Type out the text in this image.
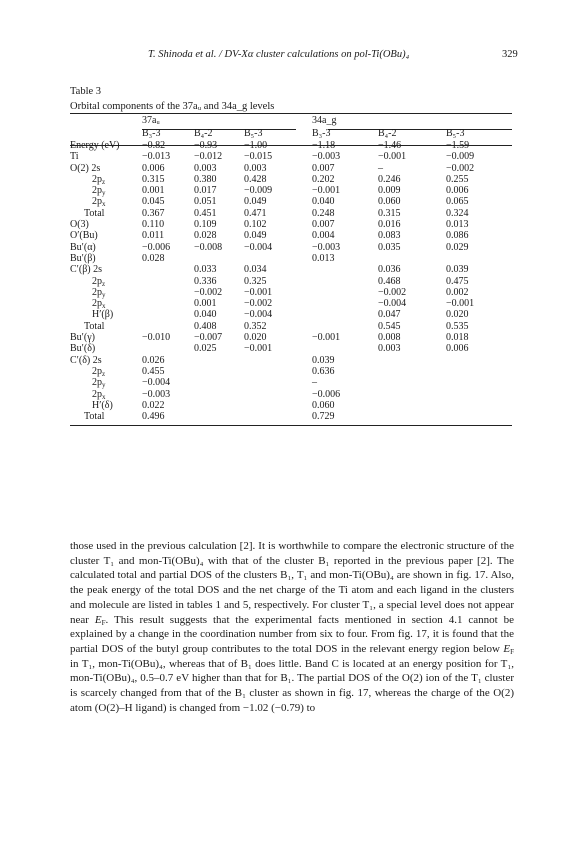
T. Shinoda et al. / DV-Xα cluster calculations on pol-Ti(OBu)₄	329
Table 3
Orbital components of the 37aᵤ and 34a_g levels
	37aᵤ			34a_g		
	B₃-3	B₄-2	B₅-3	B₃-3	B₄-2	B₅-3
Energy (eV)	−0.82	−0.93	−1.00	−1.18	−1.46	−1.59
Ti	−0.013	−0.012	−0.015	−0.003	−0.001	−0.009
O(2) 2s	0.006	0.003	0.003	0.007	–	−0.002
$2p_z$	0.315	0.380	0.428	0.202	0.246	0.255
$2p_y$	0.001	0.017	−0.009	−0.001	0.009	0.006
$2p_x$	0.045	0.051	0.049	0.040	0.060	0.065
Total	0.367	0.451	0.471	0.248	0.315	0.324
O(3)	0.110	0.109	0.102	0.007	0.016	0.013
O′(Bu)	0.011	0.028	0.049	0.004	0.083	0.086
Bu′(α)	−0.006	−0.008	−0.004	−0.003	0.035	0.029
Bu′(β)	0.028			0.013		
C′(β) 2s		0.033	0.034		0.036	0.039
$2p_z$		0.336	0.325		0.468	0.475
$2p_y$		−0.002	−0.001		−0.002	0.002
$2p_x$		0.001	−0.002		−0.004	−0.001
H′(β)		0.040	−0.004		0.047	0.020
Total		0.408	0.352		0.545	0.535
Bu′(γ)	−0.010	−0.007	0.020	−0.001	0.008	0.018
Bu′(δ)		0.025	−0.001		0.003	0.006
C′(δ) 2s	0.026			0.039		
$2p_z$	0.455			0.636		
$2p_y$	−0.004			–		
$2p_x$	−0.003			−0.006		
H′(δ)	0.022			0.060		
Total	0.496			0.729		

those used in the previous calculation [2]. It is worthwhile to compare the electronic structure of the cluster T₁ and mon-Ti(OBu)₄ with that of the cluster B₁ reported in the previous paper [2]. The calculated total and partial DOS of the clusters B₁, T₁ and mon-Ti(OBu)₄ are shown in fig. 17. Also, the peak energy of the total DOS and the net charge of the Ti atom and each ligand in the clusters and molecule are listed in tables 1 and 5, respectively. For cluster T₁, a special level does not appear near $E_F$. This result suggests that the experimental facts mentioned in section 4.1 cannot be explained by a change in the coordination number from six to four. From fig. 17, it is found that the partial DOS of the butyl group contributes to the total DOS in the relevant energy region below $E_F$ in T₁, mon-Ti(OBu)₄, whereas that of B₁ does little. Band C is located at an energy position for T₁, mon-Ti(OBu)₄, 0.5–0.7 eV higher than that for B₁. The partial DOS of the O(2) ion of the T₁ cluster is scarcely changed from that of the B₁ cluster as shown in fig. 17, whereas the charge of the O(2) atom (O(2)–H ligand) is changed from −1.02 (−0.79) to
